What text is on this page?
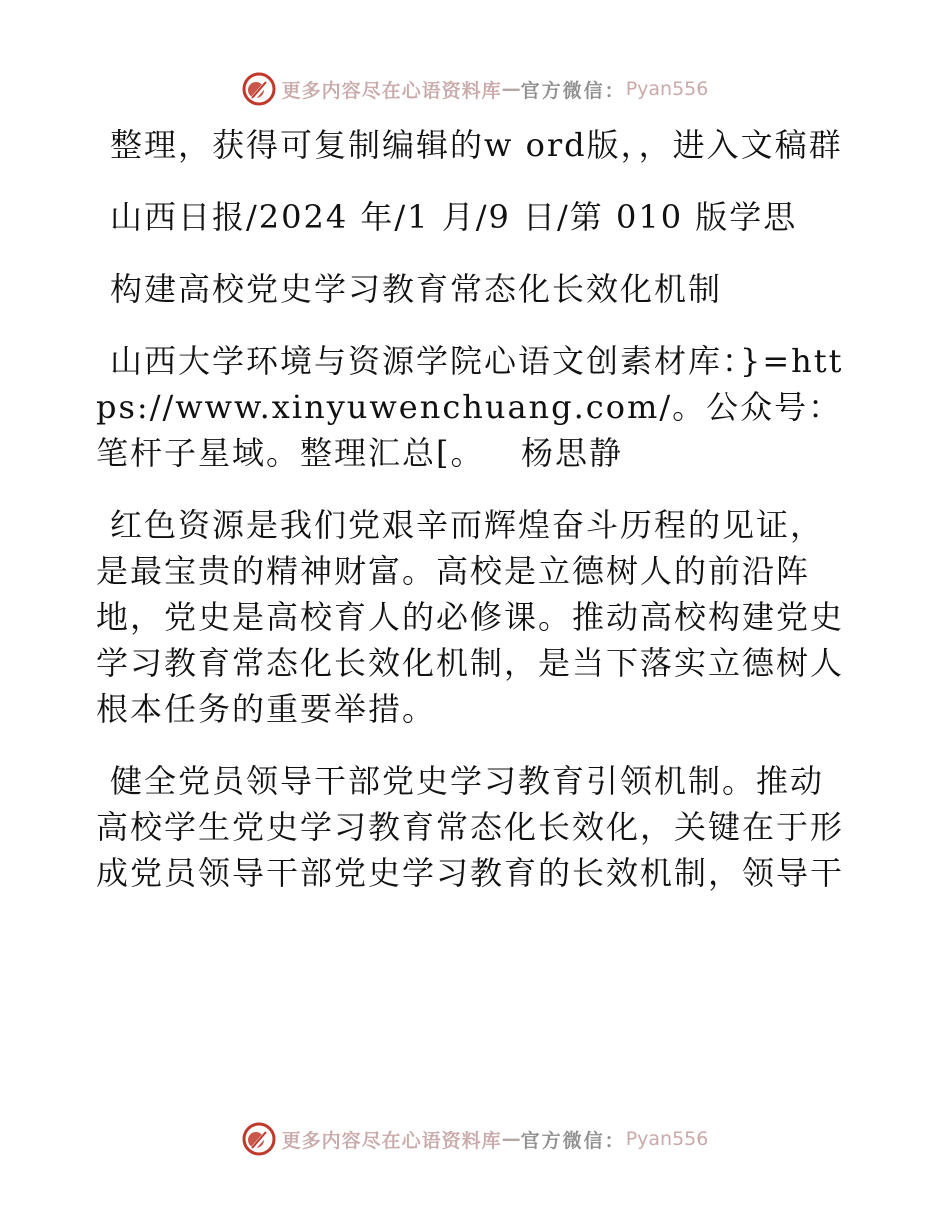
更多内容尽在心语资料库 — 官方微信： Pyan556

整理，获得可复制编辑的w ord版，，进入文稿群

山西日报/2024 年/1 月/9 日/第 010 版学思

构建高校党史学习教育常态化长效化机制

山西大学环境与资源学院心语文创素材库：}=https://www.xinyuwenchuang.com/。公众号：笔杆子星域。整理汇总[。   杨思静

红色资源是我们党艰辛而辉煌奋斗历程的见证，是最宝贵的精神财富。高校是立德树人的前沿阵地，党史是高校育人的必修课。推动高校构建党史学习教育常态化长效化机制，是当下落实立德树人根本任务的重要举措。

健全党员领导干部党史学习教育引领机制。推动高校学生党史学习教育常态化长效化，关键在于形成党员领导干部党史学习教育的长效机制，领导干

更多内容尽在心语资料库 — 官方微信： Pyan556
